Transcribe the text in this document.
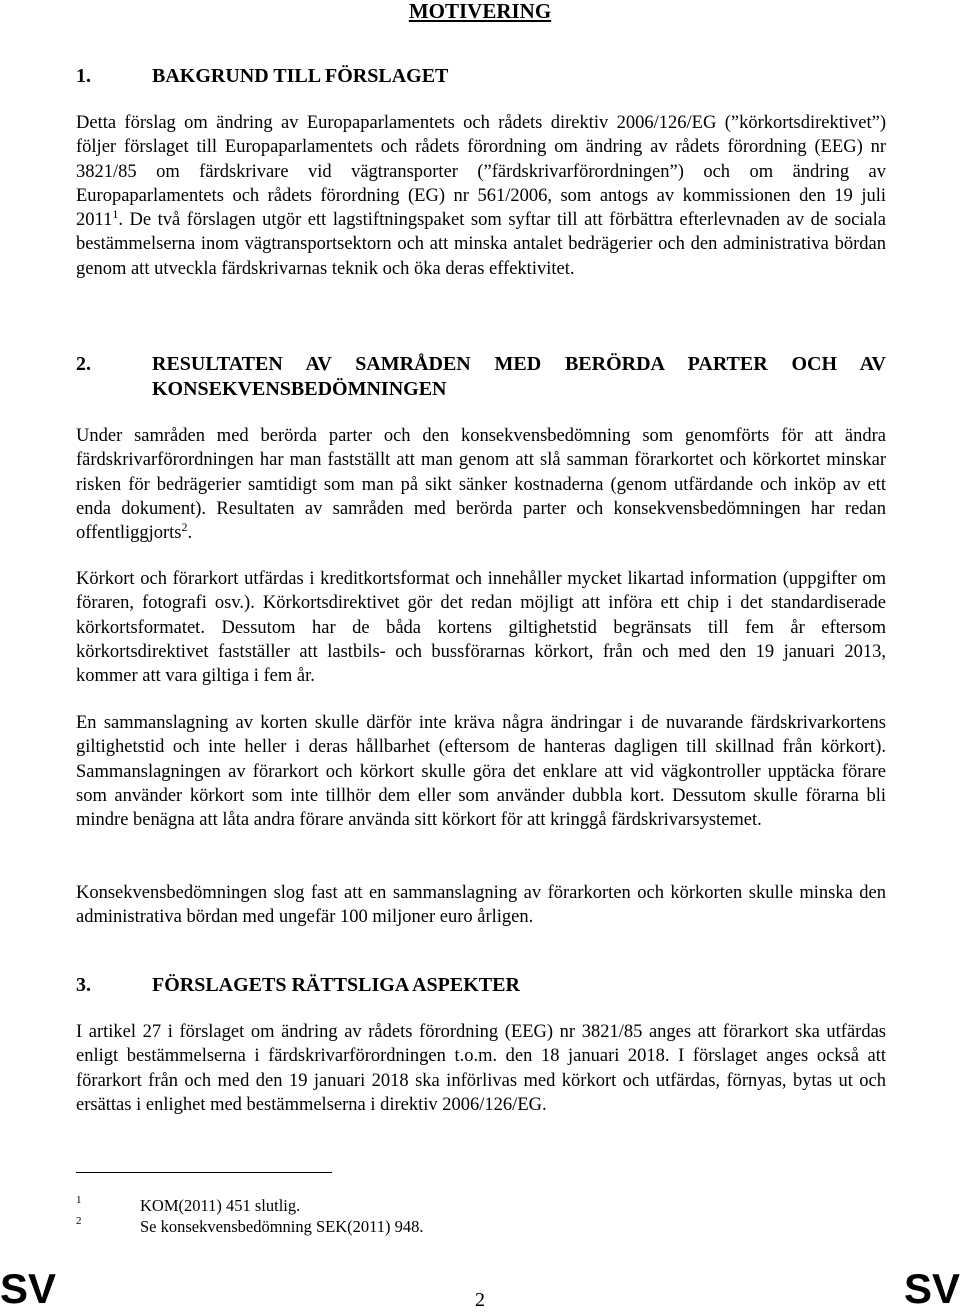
MOTIVERING
1.	BAKGRUND TILL FÖRSLAGET
Detta förslag om ändring av Europaparlamentets och rådets direktiv 2006/126/EG (”körkortsdirektivet”) följer förslaget till Europaparlamentets och rådets förordning om ändring av rådets förordning (EEG) nr 3821/85 om färdskrivare vid vägtransporter (”färdskrivarförordningen”) och om ändring av Europaparlamentets och rådets förordning (EG) nr 561/2006, som antogs av kommissionen den 19 juli 2011$^1$. De två förslagen utgör ett lagstiftningspaket som syftar till att förbättra efterlevnaden av de sociala bestämmelserna inom vägtransportsektorn och att minska antalet bedrägerier och den administrativa bördan genom att utveckla färdskrivarnas teknik och öka deras effektivitet.
2.	RESULTATEN AV SAMRÅDEN MED BERÖRDA PARTER OCH AV KONSEKVENSBEDÖMNINGEN
Under samråden med berörda parter och den konsekvensbedömning som genomförts för att ändra färdskrivarförordningen har man fastställt att man genom att slå samman förarkortet och körkortet minskar risken för bedrägerier samtidigt som man på sikt sänker kostnaderna (genom utfärdande och inköp av ett enda dokument). Resultaten av samråden med berörda parter och konsekvensbedömningen har redan offentliggjorts$^2$.
Körkort och förarkort utfärdas i kreditkortsformat och innehåller mycket likartad information (uppgifter om föraren, fotografi osv.). Körkortsdirektivet gör det redan möjligt att införa ett chip i det standardiserade körkortsformatet. Dessutom har de båda kortens giltighetstid begränsats till fem år eftersom körkortsdirektivet fastställer att lastbils- och bussförarnas körkort, från och med den 19 januari 2013, kommer att vara giltiga i fem år.
En sammanslagning av korten skulle därför inte kräva några ändringar i de nuvarande färdskrivarkortens giltighetstid och inte heller i deras hållbarhet (eftersom de hanteras dagligen till skillnad från körkort). Sammanslagningen av förarkort och körkort skulle göra det enklare att vid vägkontroller upptäcka förare som använder körkort som inte tillhör dem eller som använder dubbla kort. Dessutom skulle förarna bli mindre benägna att låta andra förare använda sitt körkort för att kringgå färdskrivarsystemet.
Konsekvensbedömningen slog fast att en sammanslagning av förarkorten och körkorten skulle minska den administrativa bördan med ungefär 100 miljoner euro årligen.
3.	FÖRSLAGETS RÄTTSLIGA ASPEKTER
I artikel 27 i förslaget om ändring av rådets förordning (EEG) nr 3821/85 anges att förarkort ska utfärdas enligt bestämmelserna i färdskrivarförordningen t.o.m. den 18 januari 2018. I förslaget anges också att förarkort från och med den 19 januari 2018 ska införlivas med körkort och utfärdas, förnyas, bytas ut och ersättas i enlighet med bestämmelserna i direktiv 2006/126/EG.
1	KOM(2011) 451 slutlig.
2	Se konsekvensbedömning SEK(2011) 948.
SV	2	SV
